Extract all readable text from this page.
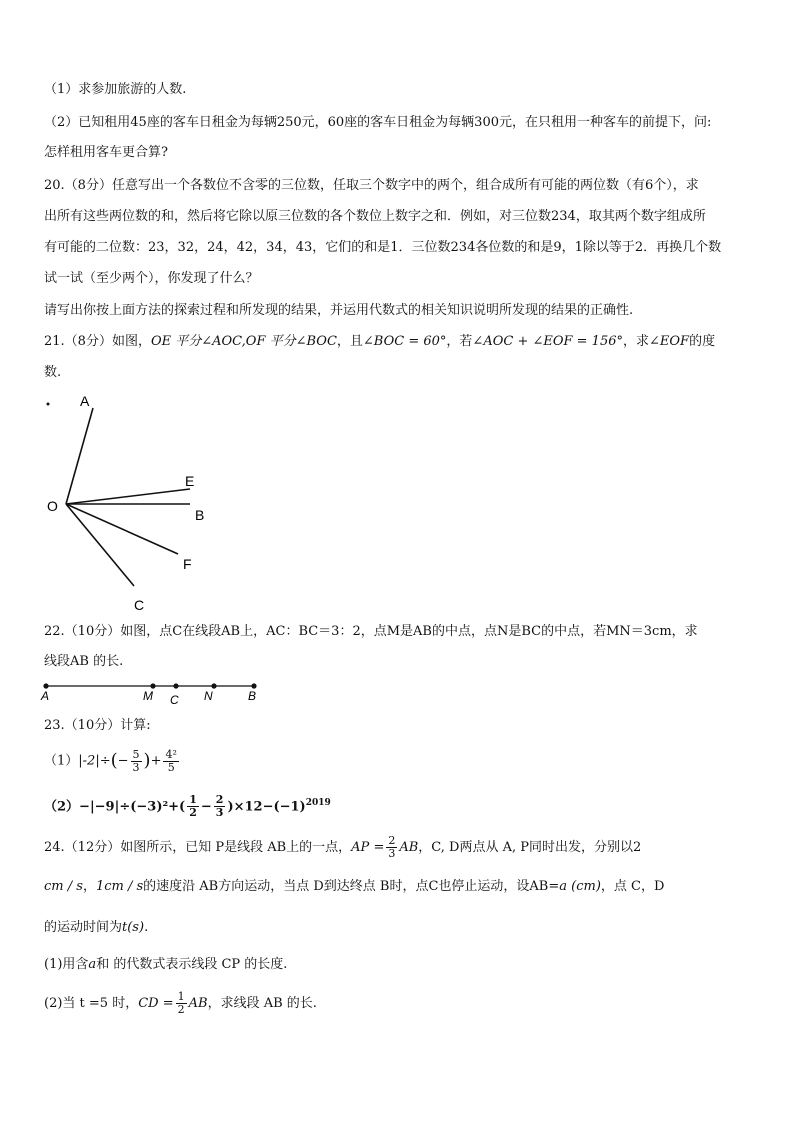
（1）求参加旅游的人数.
（2）已知租用45座的客车日租金为每辆250元，60座的客车日租金为每辆300元，在只租用一种客车的前提下，问:
怎样租用客车更合算?
20.（8分）任意写出一个各数位不含零的三位数，任取三个数字中的两个，组合成所有可能的两位数（有6个），求
出所有这些两位数的和，然后将它除以原三位数的各个数位上数字之和．例如，对三位数234，取其两个数字组成所
有可能的二位数：23，32，24，42，34，43，它们的和是1．三位数234各位数的和是9，1除以等于2．再换几个数
试一试（至少两个），你发现了什么？
请写出你按上面方法的探索过程和所发现的结果，并运用代数式的相关知识说明所发现的结果的正确性.
21.（8分）如图，OE 平分∠AOC,OF 平分∠BOC，且∠BOC = 60°，若∠AOC + ∠EOF = 156°，求∠EOF的度
数.
A
E
O
B
F
C
22.（10分）如图，点C在线段AB上，AC：BC＝3：2，点M是AB的中点，点N是BC的中点，若MN＝3cm，求
线段AB 的长.
A	M C N	B
23.（10分）计算:
$(1)|-2|\div(- \frac{5}{3}$ )+ $\frac{\text{4²}}{5}$
$(2)-|-9|\div(-3)^2+( \frac{1}{2} - \frac{2}{3} )\times 12-(-1)^{2019}$
24.（12分）如图所示，已知 P是线段 AB上的一点，AP = $\frac{2}{3}$ AB，C, D两点从 A, P同时出发，分别以2
cm / s，1cm / s的速度沿 AB方向运动，当点 D到达终点 B时，点C也停止运动，设AB=a (cm)，点 C，D
的运动时间为t(s).
(1)用含a和 的代数式表示线段 CP 的长度.
(2)当 t =5 时，CD = $\frac{1}{2}$ AB，求线段 AB 的长.
